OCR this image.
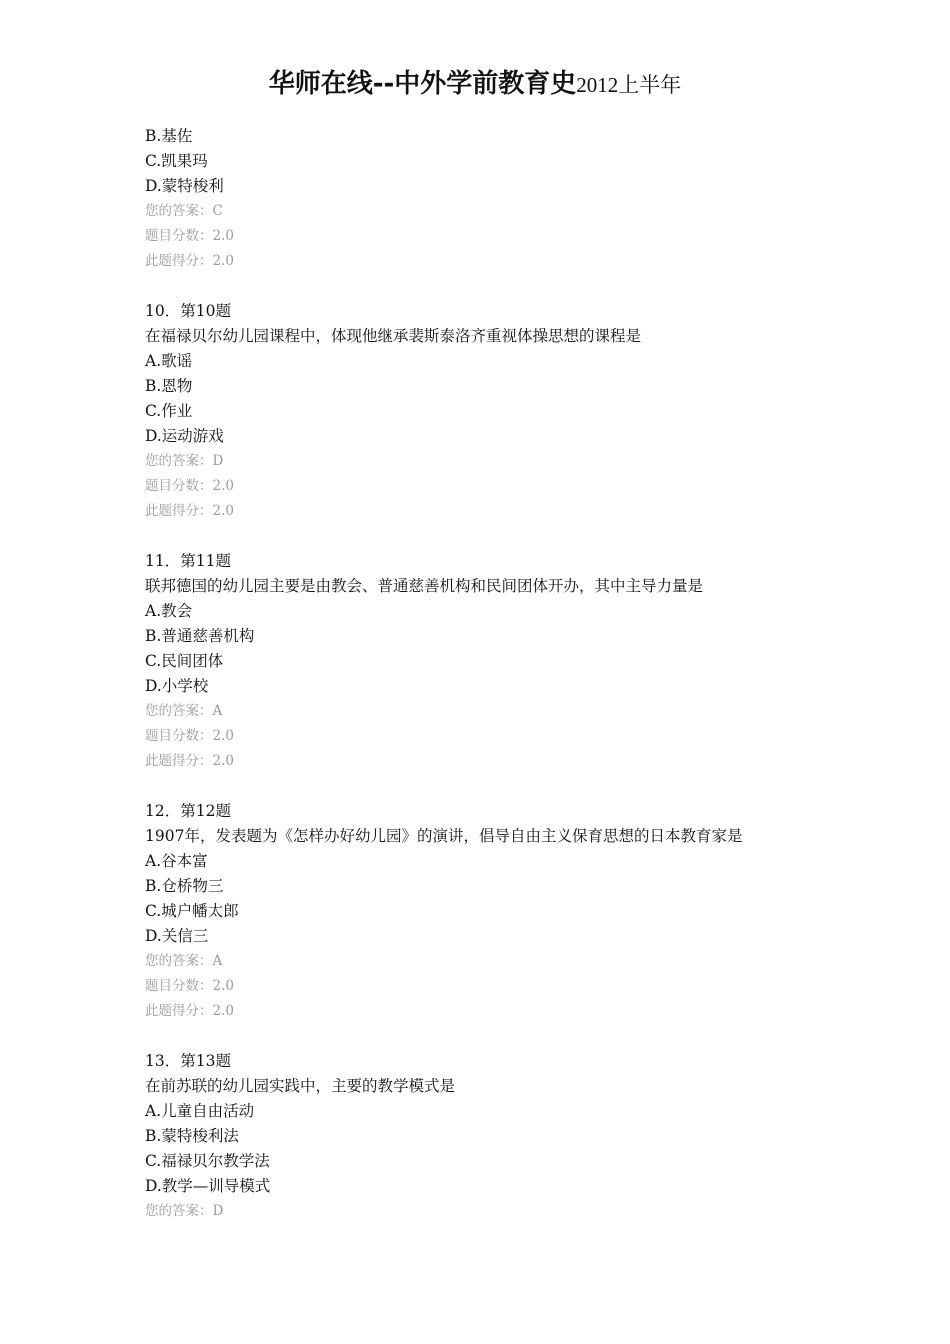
华师在线--中外学前教育史2012上半年
B.基佐
C.凯果玛
D.蒙特梭利
您的答案：C
题目分数：2.0
此题得分：2.0
10．第10题
在福禄贝尔幼儿园课程中，体现他继承裴斯泰洛齐重视体操思想的课程是
A.歌谣
B.恩物
C.作业
D.运动游戏
您的答案：D
题目分数：2.0
此题得分：2.0
11．第11题
联邦德国的幼儿园主要是由教会、普通慈善机构和民间团体开办，其中主导力量是
A.教会
B.普通慈善机构
C.民间团体
D.小学校
您的答案：A
题目分数：2.0
此题得分：2.0
12．第12题
1907年，发表题为《怎样办好幼儿园》的演讲，倡导自由主义保育思想的日本教育家是
A.谷本富
B.仓桥物三
C.城户幡太郎
D.关信三
您的答案：A
题目分数：2.0
此题得分：2.0
13．第13题
在前苏联的幼儿园实践中，主要的教学模式是
A.儿童自由活动
B.蒙特梭利法
C.福禄贝尔教学法
D.教学—训导模式
您的答案：D
